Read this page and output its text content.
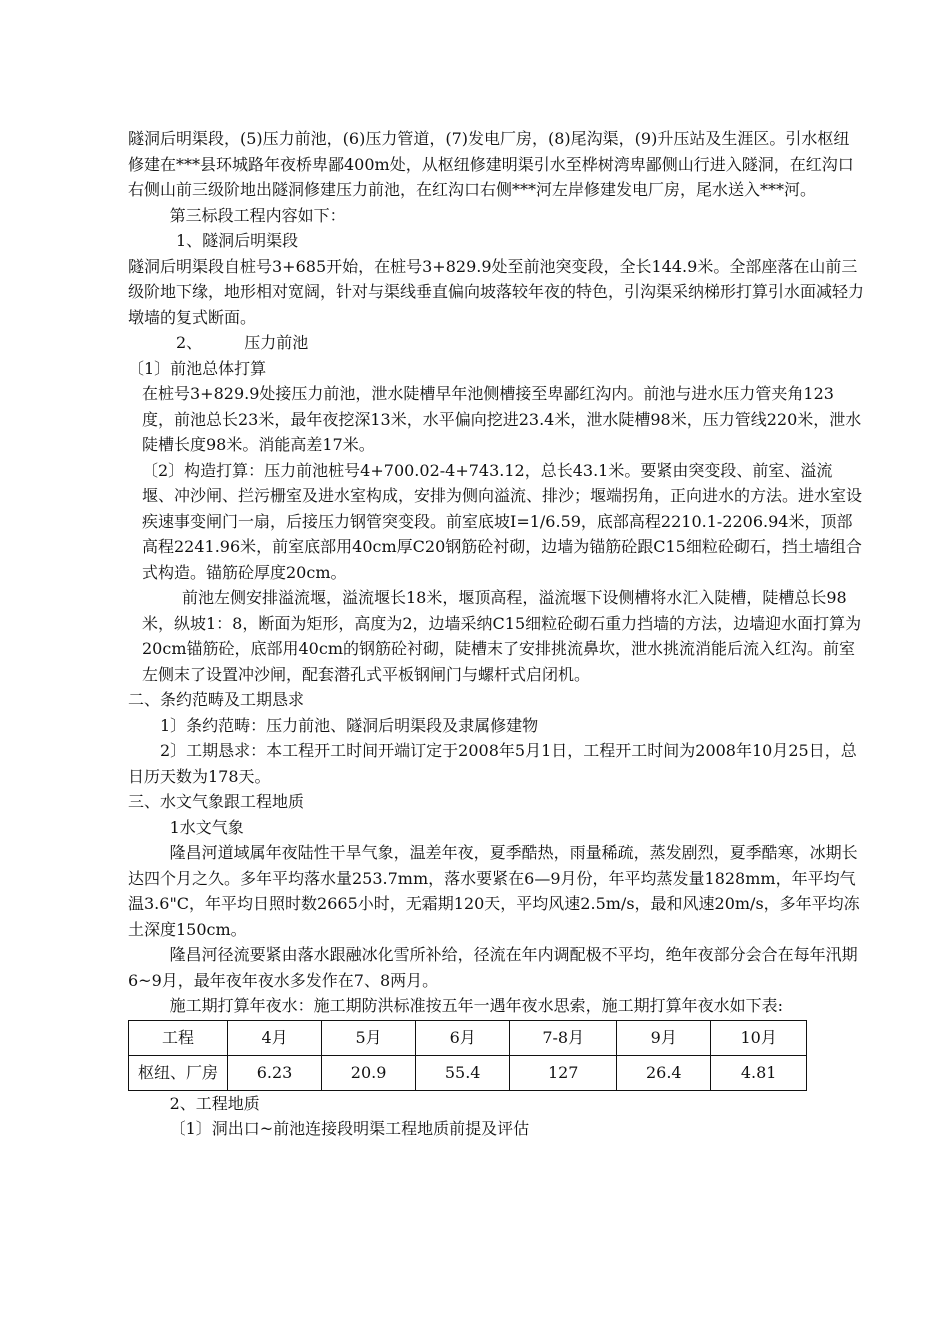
隧洞后明渠段，(5)压力前池，(6)压力管道，(7)发电厂房，(8)尾沟渠，(9)升压站及生涯区。引水枢纽修建在***县环城路年夜桥卑鄙400m处，从枢纽修建明渠引水至桦树湾卑鄙侧山行进入隧洞，在红沟口右侧山前三级阶地出隧洞修建压力前池，在红沟口右侧***河左岸修建发电厂房，尾水送入***河。

第三标段工程内容如下：

1、隧洞后明渠段

隧洞后明渠段自桩号3+685开始，在桩号3+829.9处至前池突变段，全长144.9米。全部座落在山前三级阶地下缘，地形相对宽阔，针对与渠线垂直偏向坡落较年夜的特色，引沟渠采纳梯形打算引水面减轻力墩墙的复式断面。

2、	压力前池

〔1〕前池总体打算

在桩号3+829.9处接压力前池，泄水陡槽早年池侧槽接至卑鄙红沟内。前池与进水压力管夹角123度，前池总长23米，最年夜挖深13米，水平偏向挖进23.4米，泄水陡槽98米，压力管线220米，泄水陡槽长度98米。消能高差17米。

〔2〕构造打算：压力前池桩号4+700.02-4+743.12，总长43.1米。要紧由突变段、前室、溢流堰、冲沙闸、拦污栅室及进水室构成，安排为侧向溢流、排沙；堰端拐角，正向进水的方法。进水室设疾速事变闸门一扇，后接压力钢管突变段。前室底坡I=1/6.59，底部高程2210.1-2206.94米，顶部高程2241.96米，前室底部用40cm厚C20钢筋砼衬砌，边墙为锚筋砼跟C15细粒砼砌石，挡土墙组合式构造。锚筋砼厚度20cm。

前池左侧安排溢流堰，溢流堰长18米，堰顶高程，溢流堰下设侧槽将水汇入陡槽，陡槽总长98米，纵坡1：8，断面为矩形，高度为2，边墙采纳C15细粒砼砌石重力挡墙的方法，边墙迎水面打算为20cm锚筋砼，底部用40cm的钢筋砼衬砌，陡槽末了安排挑流鼻坎，泄水挑流消能后流入红沟。前室左侧末了设置冲沙闸，配套潜孔式平板钢闸门与螺杆式启闭机。

二、条约范畴及工期恳求

1〕条约范畴：压力前池、隧洞后明渠段及隶属修建物

2〕工期恳求：本工程开工时间开端订定于2008年5月1日，工程开工时间为2008年10月25日，总日历天数为178天。

三、水文气象跟工程地质

1水文气象

隆昌河道域属年夜陆性干旱气象，温差年夜，夏季酷热，雨量稀疏，蒸发剧烈，夏季酷寒，冰期长达四个月之久。多年平均落水量253.7mm，落水要紧在6—9月份，年平均蒸发量1828mm，年平均气温3.6"C，年平均日照时数2665小时，无霜期120天，平均风速2.5m/s，最和风速20m/s，多年平均冻土深度150cm。

隆昌河径流要紧由落水跟融冰化雪所补给，径流在年内调配极不平均，绝年夜部分会合在每年汛期6~9月，最年夜年夜水多发作在7、8两月。

施工期打算年夜水：施工期防洪标准按五年一遇年夜水思索，施工期打算年夜水如下表:

工程	4月	5月	6月	7-8月	9月	10月
枢纽、厂房	6.23	20.9	55.4	127	26.4	4.81

2、工程地质

〔1〕洞出口~前池连接段明渠工程地质前提及评估
